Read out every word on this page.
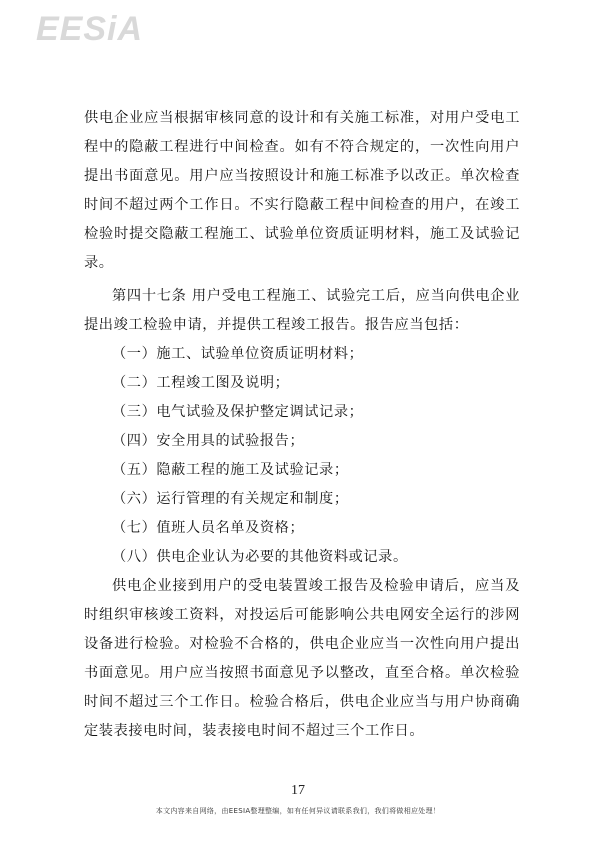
EESiA

供电企业应当根据审核同意的设计和有关施工标准，对用户受电工程中的隐蔽工程进行中间检查。如有不符合规定的，一次性向用户提出书面意见。用户应当按照设计和施工标准予以改正。单次检查时间不超过两个工作日。不实行隐蔽工程中间检查的用户，在竣工检验时提交隐蔽工程施工、试验单位资质证明材料，施工及试验记录。

第四十七条 用户受电工程施工、试验完工后，应当向供电企业提出竣工检验申请，并提供工程竣工报告。报告应当包括：

（一）施工、试验单位资质证明材料；

（二）工程竣工图及说明；

（三）电气试验及保护整定调试记录；

（四）安全用具的试验报告；

（五）隐蔽工程的施工及试验记录；

（六）运行管理的有关规定和制度；

（七）值班人员名单及资格；

（八）供电企业认为必要的其他资料或记录。

供电企业接到用户的受电装置竣工报告及检验申请后，应当及时组织审核竣工资料，对投运后可能影响公共电网安全运行的涉网设备进行检验。对检验不合格的，供电企业应当一次性向用户提出书面意见。用户应当按照书面意见予以整改，直至合格。单次检验时间不超过三个工作日。检验合格后，供电企业应当与用户协商确定装表接电时间，装表接电时间不超过三个工作日。

17
本文内容来自网络，由EESIA整理整编，如有任何异议请联系我们，我们将做相应处理！
